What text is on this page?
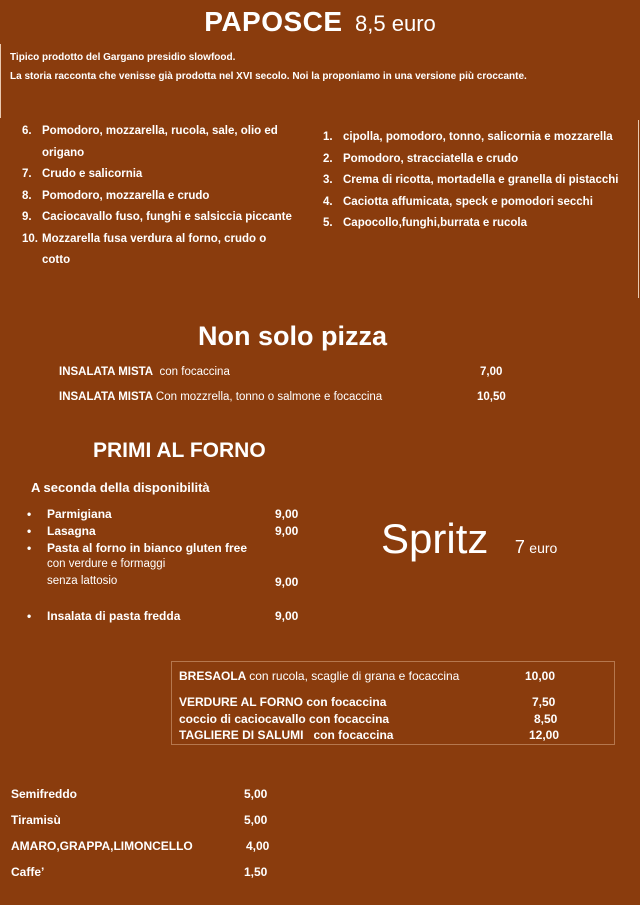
PAPOSCE 8,5 euro
Tipico prodotto del Gargano presidio slowfood.
La storia racconta che venisse già prodotta nel XVI secolo. Noi la proponiamo in una versione più croccante.
6. Pomodoro, mozzarella, rucola, sale, olio ed origano
7. Crudo e salicornia
8. Pomodoro, mozzarella e crudo
9. Caciocavallo fuso, funghi e salsiccia piccante
10. Mozzarella fusa verdura al forno, crudo o cotto
1. cipolla, pomodoro, tonno, salicornia e mozzarella
2. Pomodoro, stracciatella e crudo
3. Crema di ricotta, mortadella e granella di pistacchi
4. Caciotta affumicata, speck e pomodori secchi
5. Capocollo,funghi,burrata e rucola
Non solo pizza
INSALATA MISTA con focaccina	7,00
INSALATA MISTA Con mozzrella, tonno o salmone e focaccina	10,50
PRIMI AL FORNO
A seconda della disponibilità
• Parmigiana	9,00
• Lasagna	9,00
• Pasta al forno in bianco gluten free
con verdure e formaggi
senza lattosio	9,00
• Insalata di pasta fredda	9,00
Spritz 7 euro
BRESAOLA con rucola, scaglie di grana e focaccina	10,00
VERDURE AL FORNO con focaccina	7,50
coccio di caciocavallo con focaccina	8,50
TAGLIERE DI SALUMI   con focaccina	12,00
Semifreddo	5,00
Tiramisù	5,00
AMARO,GRAPPA,LIMONCELLO	4,00
Caffe’	1,50
